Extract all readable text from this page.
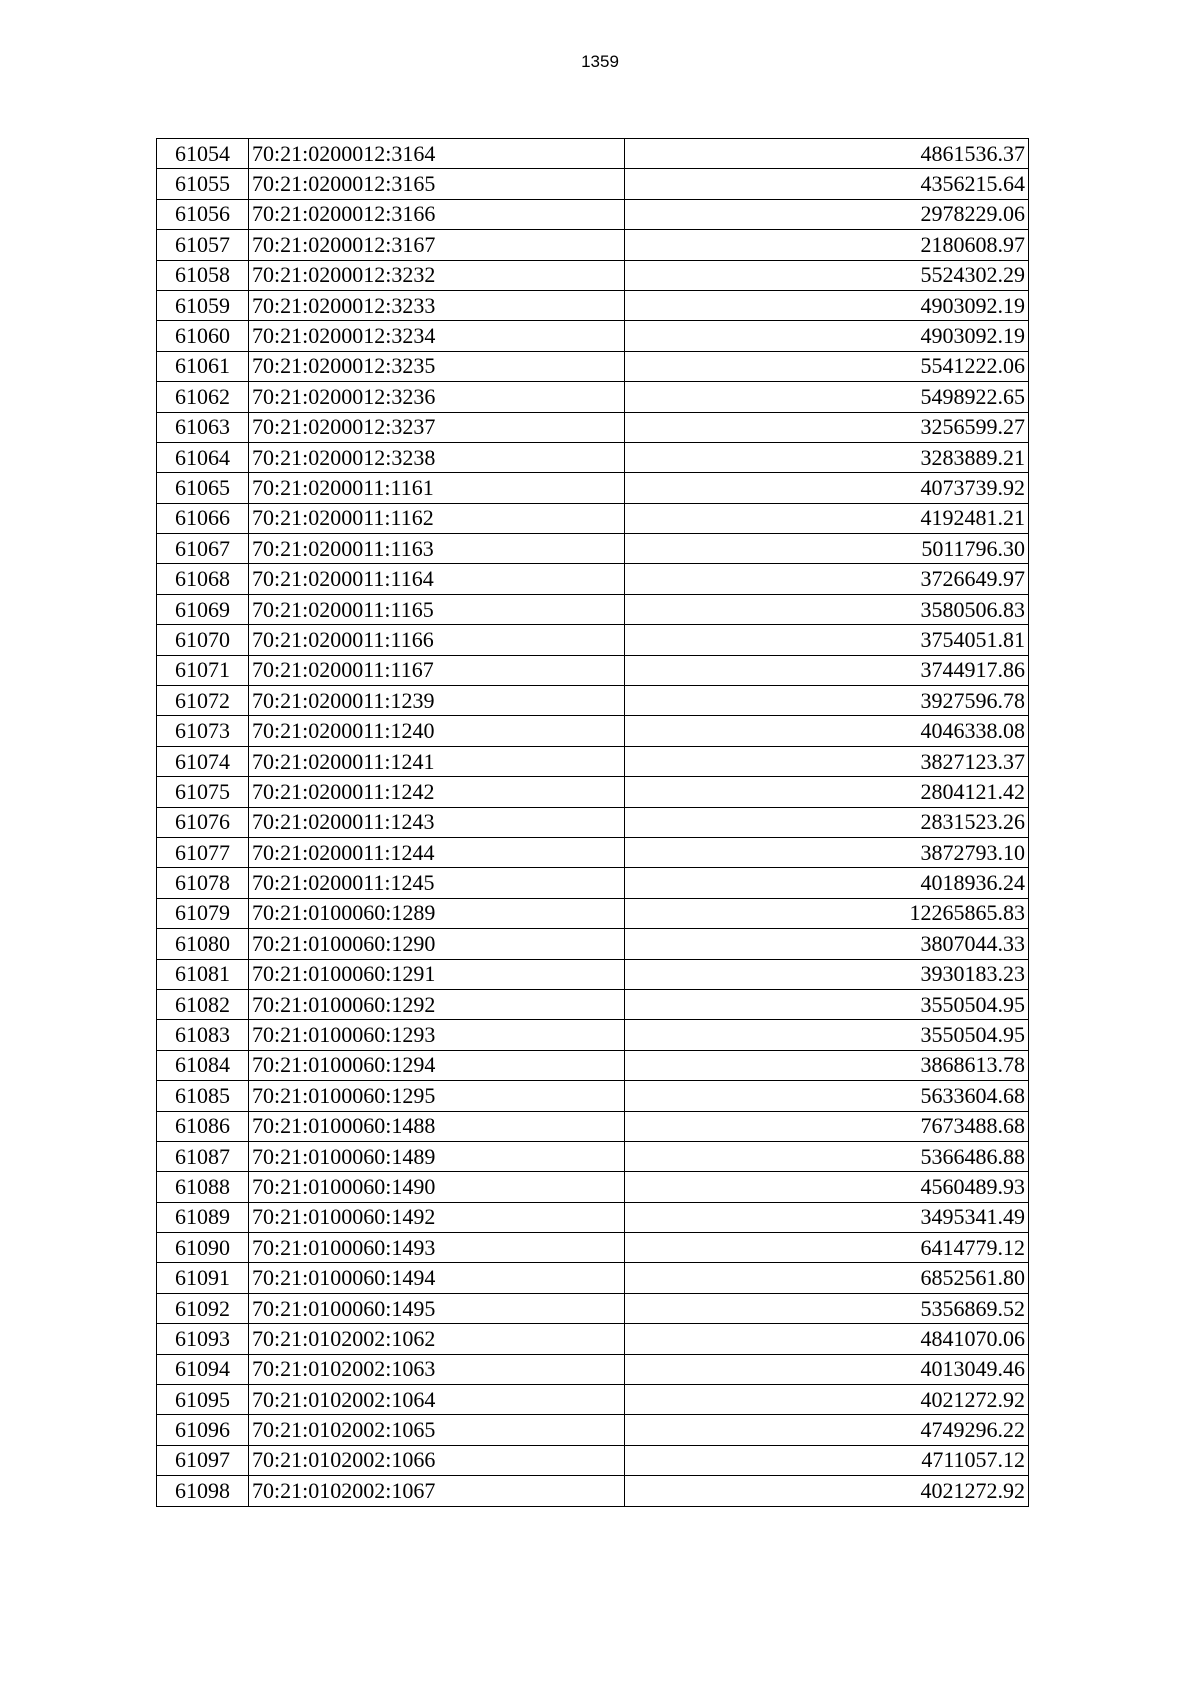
1359
61054	70:21:0200012:3164	4861536.37
61055	70:21:0200012:3165	4356215.64
61056	70:21:0200012:3166	2978229.06
61057	70:21:0200012:3167	2180608.97
61058	70:21:0200012:3232	5524302.29
61059	70:21:0200012:3233	4903092.19
61060	70:21:0200012:3234	4903092.19
61061	70:21:0200012:3235	5541222.06
61062	70:21:0200012:3236	5498922.65
61063	70:21:0200012:3237	3256599.27
61064	70:21:0200012:3238	3283889.21
61065	70:21:0200011:1161	4073739.92
61066	70:21:0200011:1162	4192481.21
61067	70:21:0200011:1163	5011796.30
61068	70:21:0200011:1164	3726649.97
61069	70:21:0200011:1165	3580506.83
61070	70:21:0200011:1166	3754051.81
61071	70:21:0200011:1167	3744917.86
61072	70:21:0200011:1239	3927596.78
61073	70:21:0200011:1240	4046338.08
61074	70:21:0200011:1241	3827123.37
61075	70:21:0200011:1242	2804121.42
61076	70:21:0200011:1243	2831523.26
61077	70:21:0200011:1244	3872793.10
61078	70:21:0200011:1245	4018936.24
61079	70:21:0100060:1289	12265865.83
61080	70:21:0100060:1290	3807044.33
61081	70:21:0100060:1291	3930183.23
61082	70:21:0100060:1292	3550504.95
61083	70:21:0100060:1293	3550504.95
61084	70:21:0100060:1294	3868613.78
61085	70:21:0100060:1295	5633604.68
61086	70:21:0100060:1488	7673488.68
61087	70:21:0100060:1489	5366486.88
61088	70:21:0100060:1490	4560489.93
61089	70:21:0100060:1492	3495341.49
61090	70:21:0100060:1493	6414779.12
61091	70:21:0100060:1494	6852561.80
61092	70:21:0100060:1495	5356869.52
61093	70:21:0102002:1062	4841070.06
61094	70:21:0102002:1063	4013049.46
61095	70:21:0102002:1064	4021272.92
61096	70:21:0102002:1065	4749296.22
61097	70:21:0102002:1066	4711057.12
61098	70:21:0102002:1067	4021272.92
